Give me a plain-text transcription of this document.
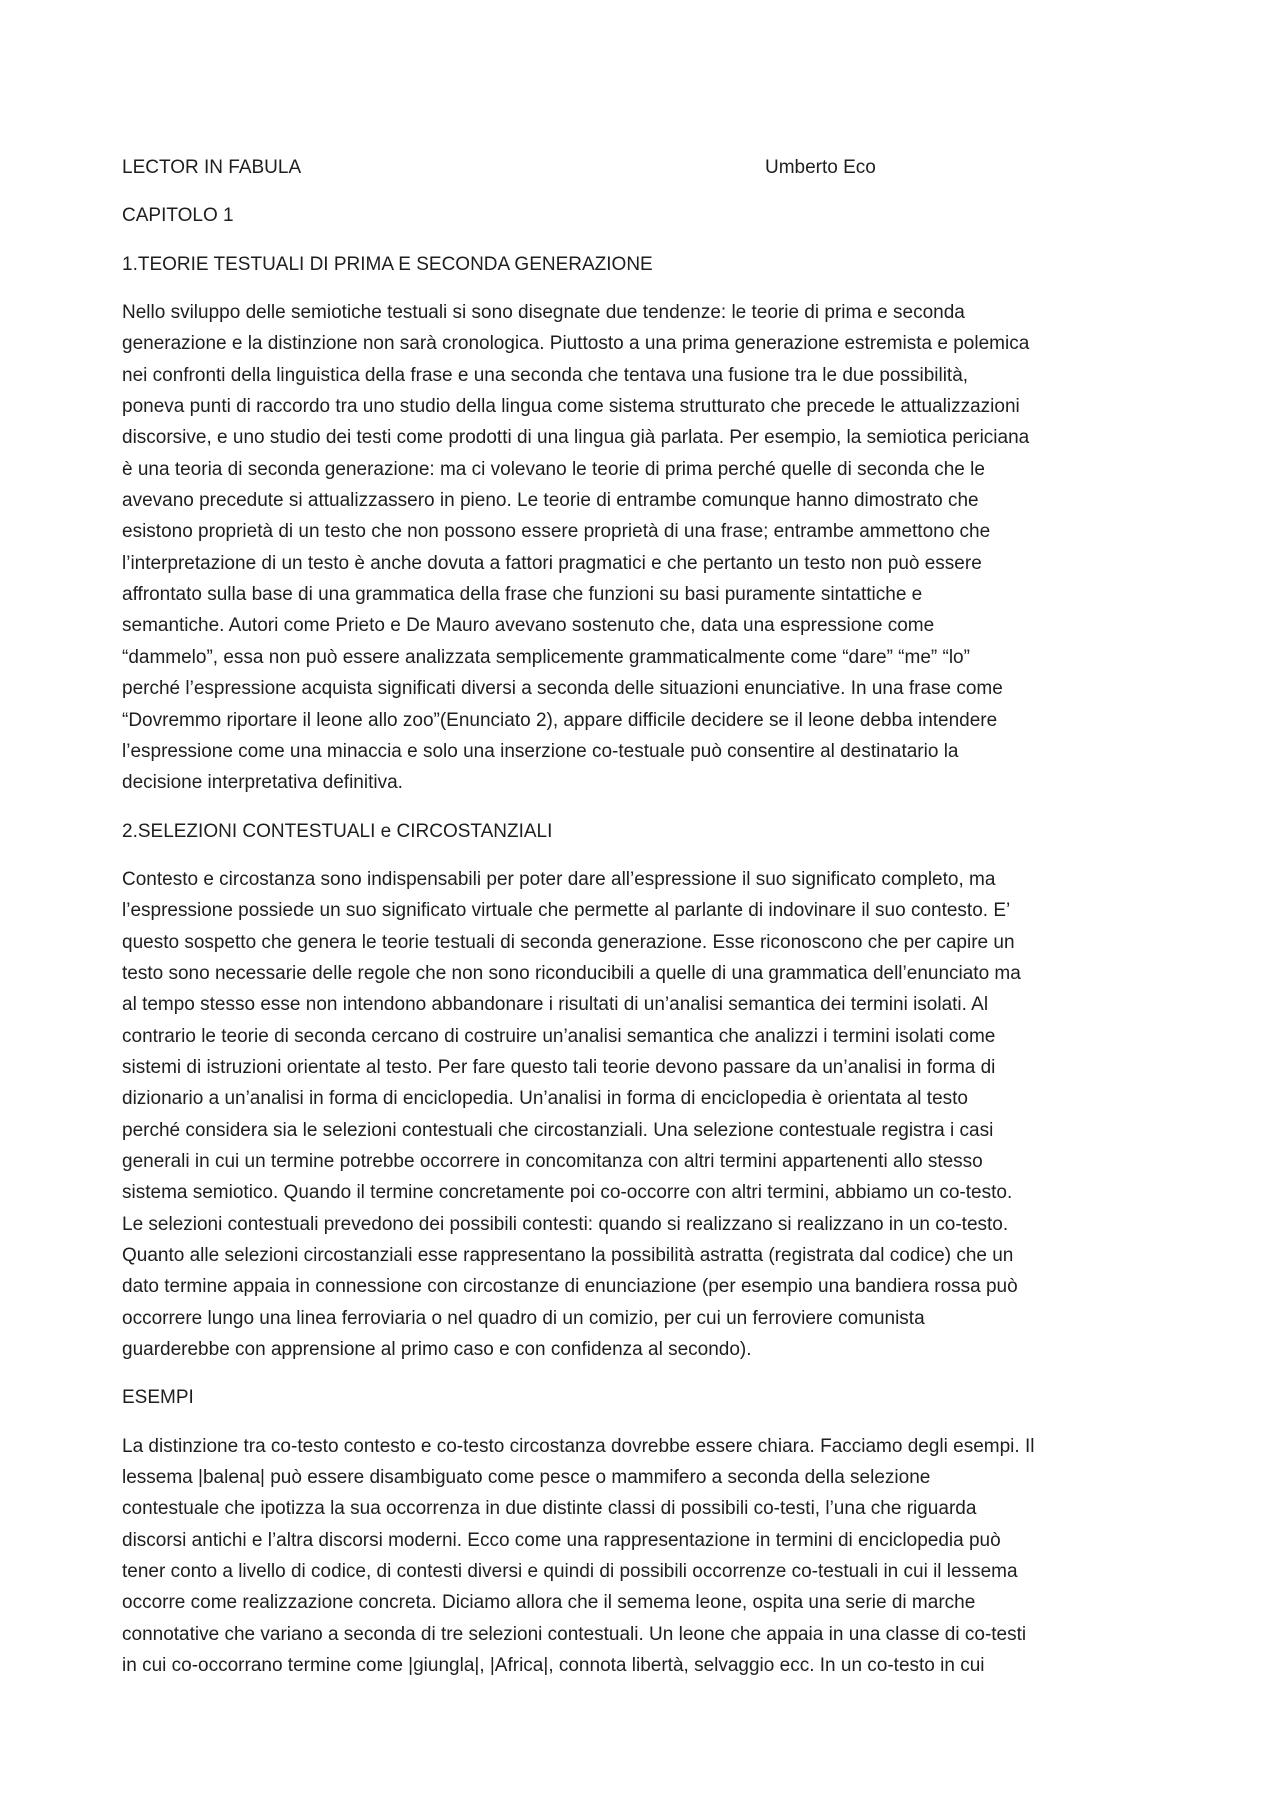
LECTOR IN FABULA	Umberto Eco
CAPITOLO 1
1.TEORIE TESTUALI DI PRIMA E SECONDA GENERAZIONE
Nello sviluppo delle semiotiche testuali si sono disegnate due tendenze: le teorie di prima e seconda
generazione e la distinzione non sarà cronologica. Piuttosto a una prima generazione estremista e polemica
nei confronti della linguistica della frase e una seconda che tentava una fusione tra le due possibilità,
poneva punti di raccordo tra uno studio della lingua come sistema strutturato che precede le attualizzazioni
discorsive, e uno studio dei testi come prodotti di una lingua già parlata. Per esempio, la semiotica periciana
è una teoria di seconda generazione: ma ci volevano le teorie di prima perché quelle di seconda che le
avevano precedute si attualizzassero in pieno. Le teorie di entrambe comunque hanno dimostrato che
esistono proprietà di un testo che non possono essere proprietà di una frase; entrambe ammettono che
l’interpretazione di un testo è anche dovuta a fattori pragmatici e che pertanto un testo non può essere
affrontato sulla base di una grammatica della frase che funzioni su basi puramente sintattiche e
semantiche. Autori come Prieto e De Mauro avevano sostenuto che, data una espressione come
“dammelo”, essa non può essere analizzata semplicemente grammaticalmente come “dare” “me” “lo”
perché l’espressione acquista significati diversi a seconda delle situazioni enunciative. In una frase come
“Dovremmo riportare il leone allo zoo”(Enunciato 2), appare difficile decidere se il leone debba intendere
l’espressione come una minaccia e solo una inserzione co-testuale può consentire al destinatario la
decisione interpretativa definitiva.
2.SELEZIONI CONTESTUALI e CIRCOSTANZIALI
Contesto e circostanza sono indispensabili per poter dare all’espressione il suo significato completo, ma
l’espressione possiede un suo significato virtuale che permette al parlante di indovinare il suo contesto. E’
questo sospetto che genera le teorie testuali di seconda generazione. Esse riconoscono che per capire un
testo sono necessarie delle regole che non sono riconducibili a quelle di una grammatica dell’enunciato ma
al tempo stesso esse non intendono abbandonare i risultati di un’analisi semantica dei termini isolati. Al
contrario le teorie di seconda cercano di costruire un’analisi semantica che analizzi i termini isolati come
sistemi di istruzioni orientate al testo. Per fare questo tali teorie devono passare da un’analisi in forma di
dizionario a un’analisi in forma di enciclopedia. Un’analisi in forma di enciclopedia è orientata al testo
perché considera sia le selezioni contestuali che circostanziali. Una selezione contestuale registra i casi
generali in cui un termine potrebbe occorrere in concomitanza con altri termini appartenenti allo stesso
sistema semiotico. Quando il termine concretamente poi co-occorre con altri termini, abbiamo un co-testo.
Le selezioni contestuali prevedono dei possibili contesti: quando si realizzano si realizzano in un co-testo.
Quanto alle selezioni circostanziali esse rappresentano la possibilità astratta (registrata dal codice) che un
dato termine appaia in connessione con circostanze di enunciazione (per esempio una bandiera rossa può
occorrere lungo una linea ferroviaria o nel quadro di un comizio, per cui un ferroviere comunista
guarderebbe con apprensione al primo caso e con confidenza al secondo).
ESEMPI
La distinzione tra co-testo contesto e co-testo circostanza dovrebbe essere chiara. Facciamo degli esempi. Il
lessema |balena| può essere disambiguato come pesce o mammifero a seconda della selezione
contestuale che ipotizza la sua occorrenza in due distinte classi di possibili co-testi, l’una che riguarda
discorsi antichi e l’altra discorsi moderni. Ecco come una rappresentazione in termini di enciclopedia può
tener conto a livello di codice, di contesti diversi e quindi di possibili occorrenze co-testuali in cui il lessema
occorre come realizzazione concreta. Diciamo allora che il semema leone, ospita una serie di marche
connotative che variano a seconda di tre selezioni contestuali. Un leone che appaia in una classe di co-testi
in cui co-occorrano termine come |giungla|, |Africa|, connota libertà, selvaggio ecc. In un co-testo in cui
